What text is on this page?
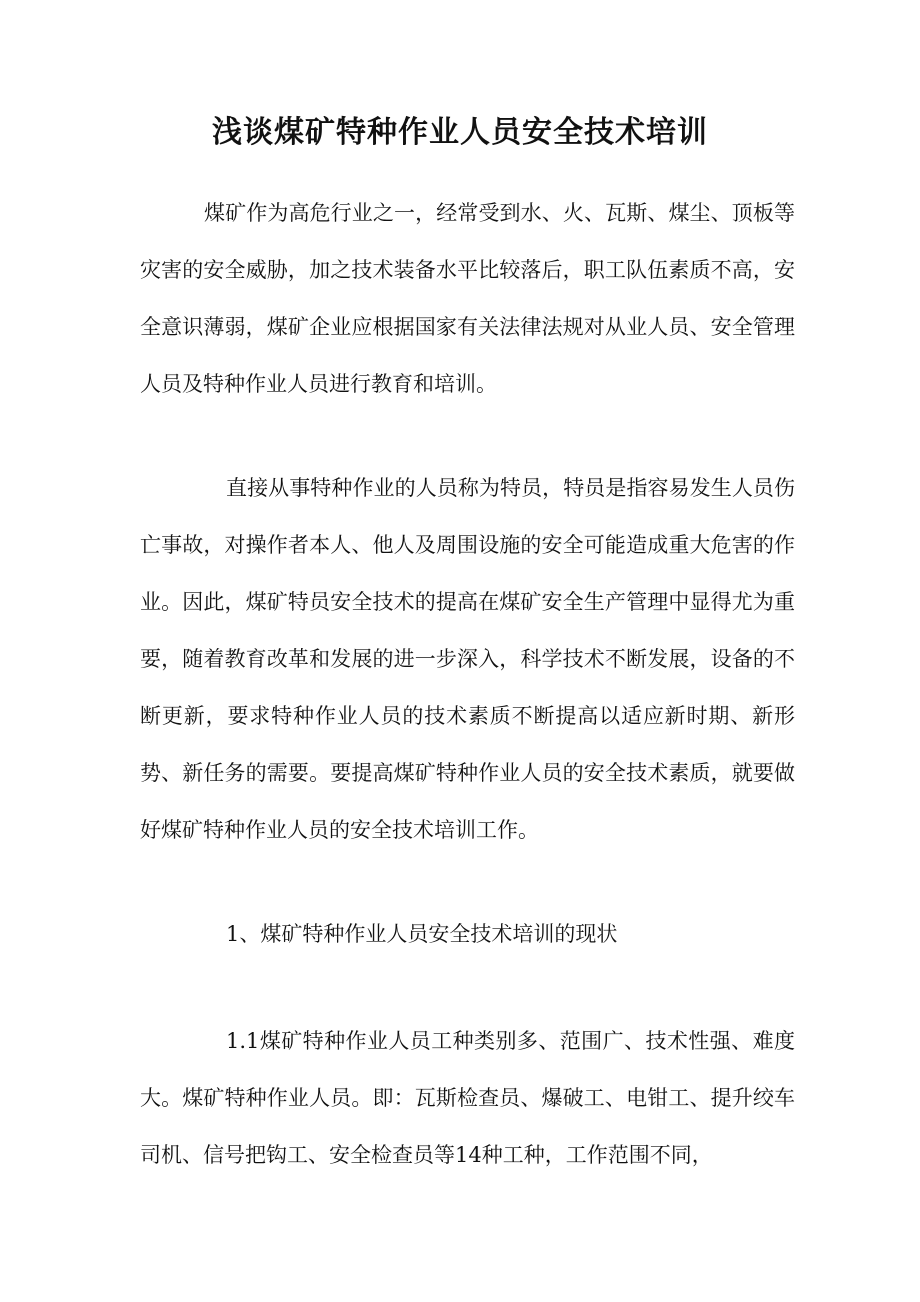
浅谈煤矿特种作业人员安全技术培训

煤矿作为高危行业之一，经常受到水、火、瓦斯、煤尘、顶板等灾害的安全威胁，加之技术装备水平比较落后，职工队伍素质不高，安全意识薄弱，煤矿企业应根据国家有关法律法规对从业人员、安全管理人员及特种作业人员进行教育和培训。

直接从事特种作业的人员称为特员，特员是指容易发生人员伤亡事故，对操作者本人、他人及周围设施的安全可能造成重大危害的作业。因此，煤矿特员安全技术的提高在煤矿安全生产管理中显得尤为重要，随着教育改革和发展的进一步深入，科学技术不断发展，设备的不断更新，要求特种作业人员的技术素质不断提高以适应新时期、新形势、新任务的需要。要提高煤矿特种作业人员的安全技术素质，就要做好煤矿特种作业人员的安全技术培训工作。

1、煤矿特种作业人员安全技术培训的现状

1.1煤矿特种作业人员工种类别多、范围广、技术性强、难度大。煤矿特种作业人员。即：瓦斯检查员、爆破工、电钳工、提升绞车司机、信号把钩工、安全检查员等14种工种，工作范围不同，
